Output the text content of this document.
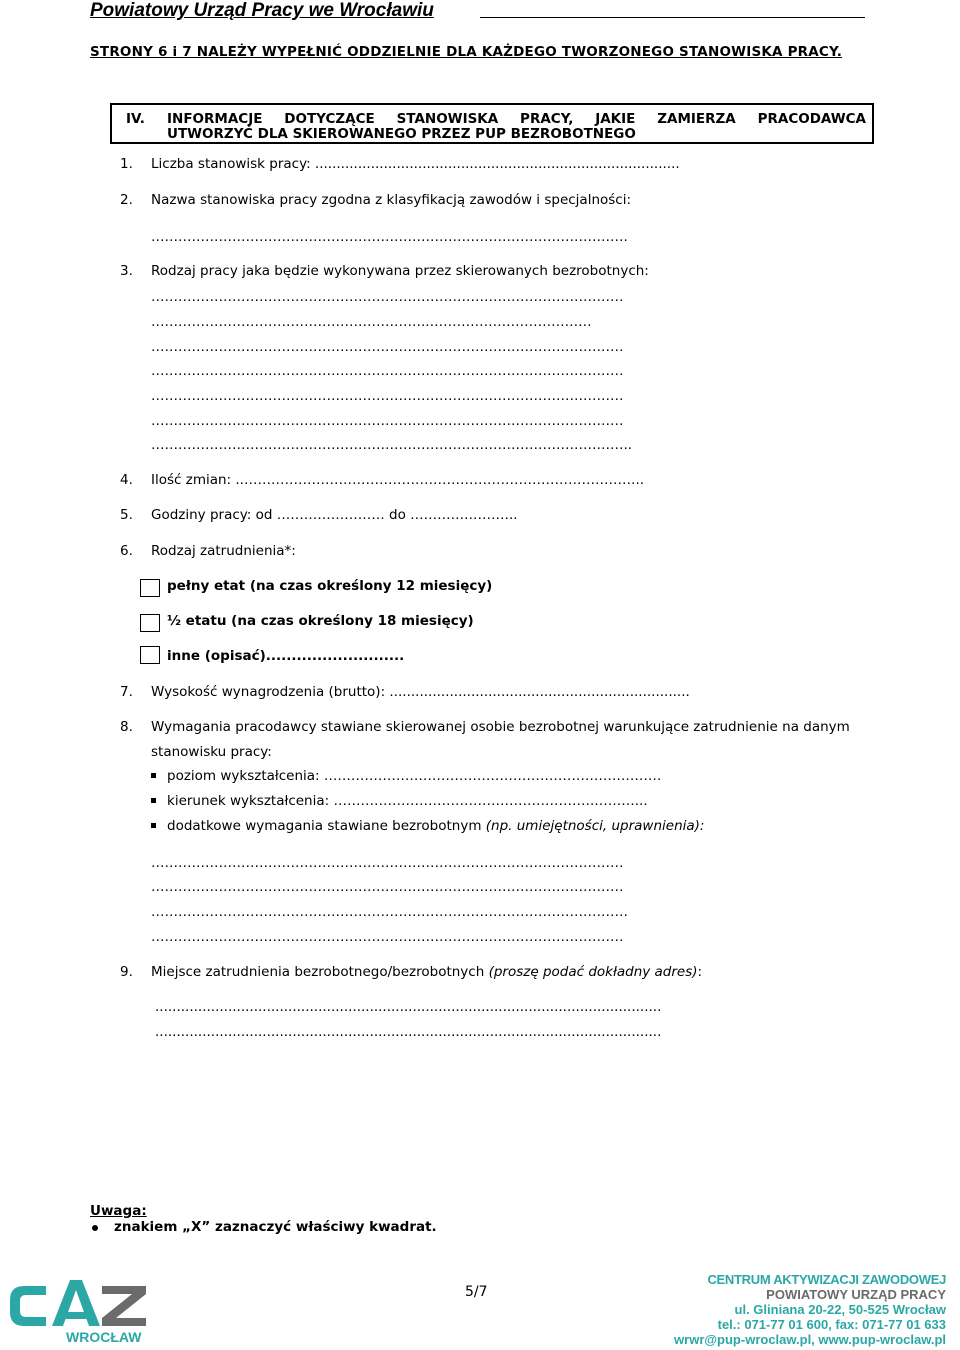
Powiatowy Urząd Pracy we Wrocławiu
STRONY 6 i 7 NALEŻY WYPEŁNIĆ ODDZIELNIE DLA KAŻDEGO TWORZONEGO STANOWISKA PRACY.
IV. INFORMACJE DOTYCZĄCE STANOWISKA PRACY, JAKIE ZAMIERZA PRACODAWCA
UTWORZYĆ DLA SKIEROWANEGO PRZEZ PUP BEZROBOTNEGO
1. Liczba stanowisk pracy: .....................................................................................
2. Nazwa stanowiska pracy zgodna z klasyfikacją zawodów i specjalności:
…………………………………………………………………………………………….
3. Rodzaj pracy jaka będzie wykonywana przez skierowanych bezrobotnych:
……………………………………………………………………………………………
……………………………………………………..………………………………
……………………………………………………………………………………………
……………………………………………………………………………………………
……………………………………………………………………………………………
……………………………………………………………………………………………
……………………………………………………………………………………………..
4. Ilość zmian: ..……………………………………………………………………………..
5. Godziny pracy: od …………………… do ………….………..
6. Rodzaj zatrudnienia*:
pełny etat (na czas określony 12 miesięcy)
½ etatu (na czas określony 18 miesięcy)
inne (opisać)...........................
7. Wysokość wynagrodzenia (brutto): ......................................................................
8. Wymagania pracodawcy stawiane skierowanej osobie bezrobotnej warunkujące zatrudnienie na danym
stanowisku pracy:
poziom wykształcenia: …………………………………………………………………
kierunek wykształcenia: ………………………………………………….………...
dodatkowe wymagania stawiane bezrobotnym (np. umiejętności, uprawnienia):
……………………………………………………………………………………………
……………………………………………………………………………………………
…………………………………………………………………………………………….
……………………………………………………………………………………………
9. Miejsce zatrudnienia bezrobotnego/bezrobotnych (proszę podać dokładny adres):
......................................................................................................................
......................................................................................................................
Uwaga:
znakiem „X” zaznaczyć właściwy kwadrat.
5/7
WROCŁAW
CENTRUM AKTYWIZACJI ZAWODOWEJ
POWIATOWY URZĄD PRACY
ul. Gliniana 20-22, 50-525 Wrocław
tel.: 071-77 01 600, fax: 071-77 01 633
wrwr@pup-wroclaw.pl, www.pup-wroclaw.pl
